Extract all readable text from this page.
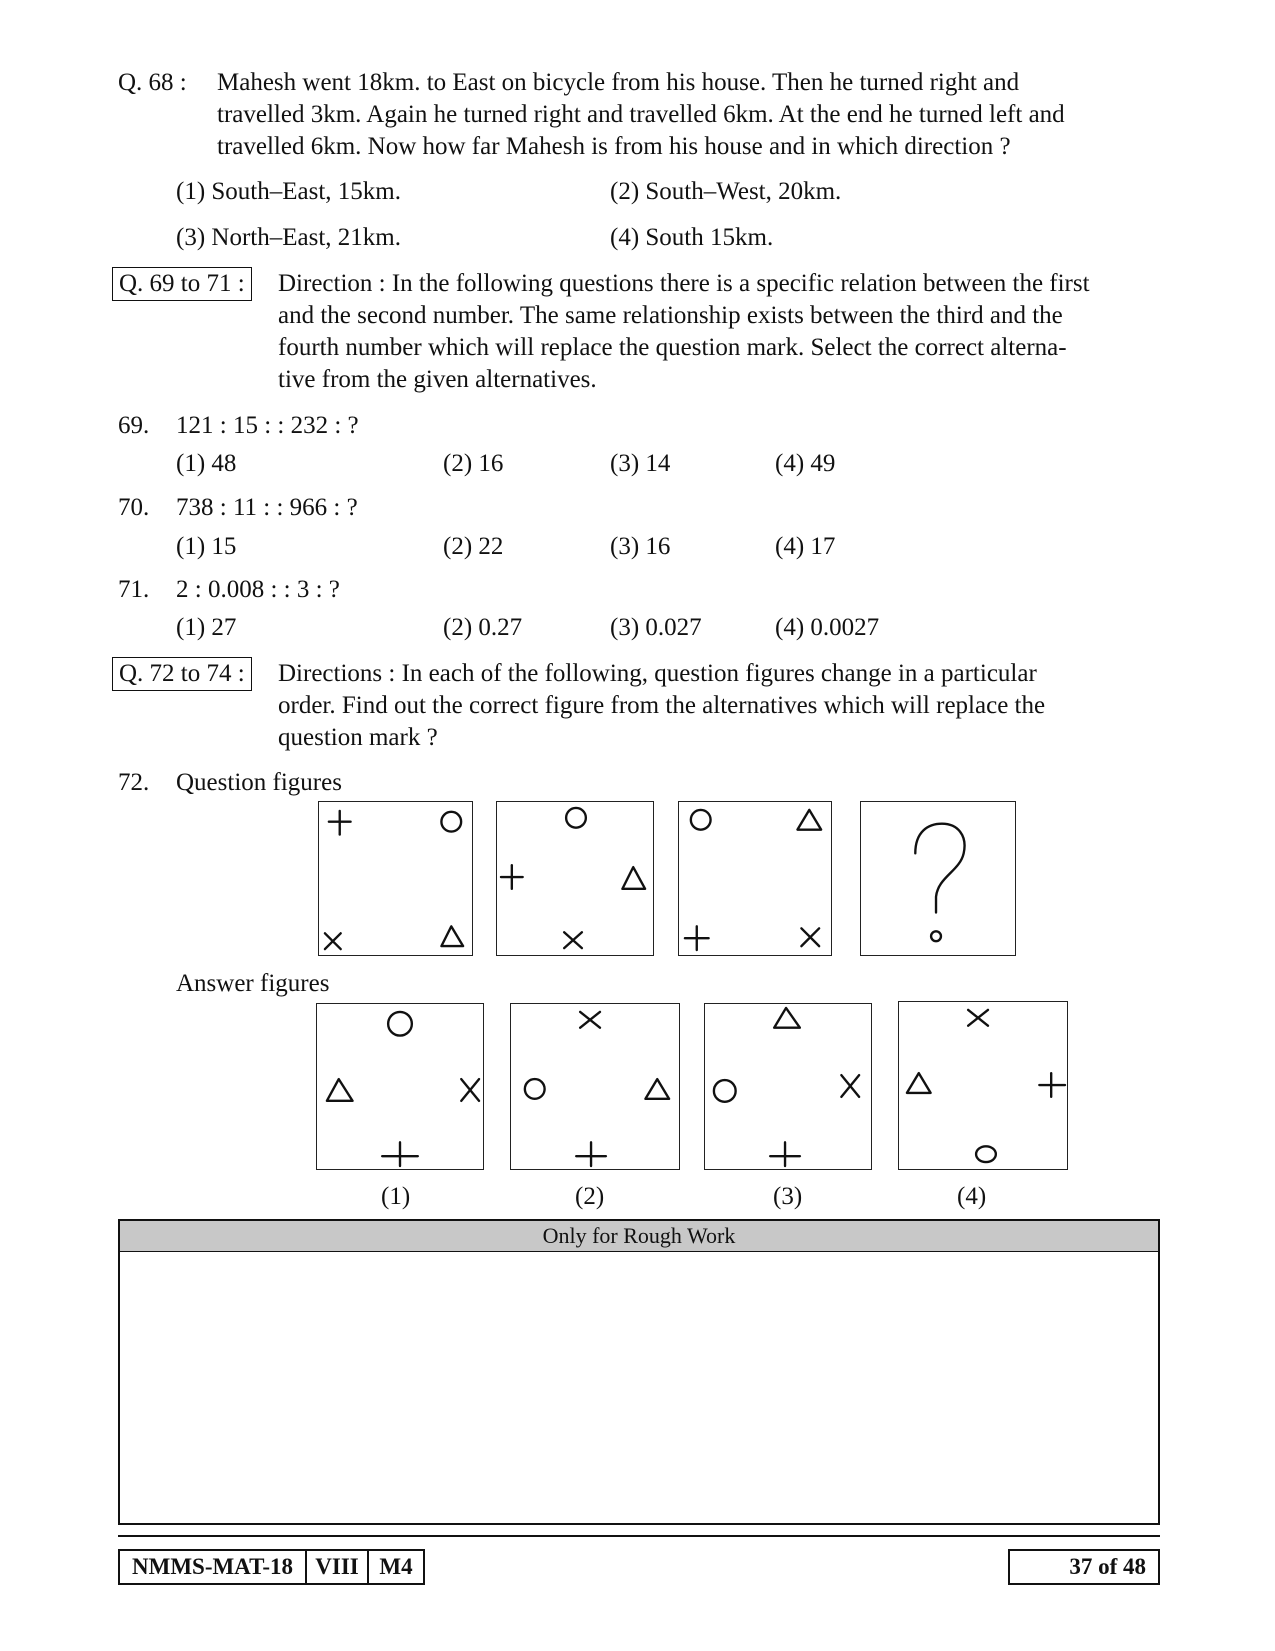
Q. 68 : Mahesh went 18km. to East on bicycle from his house. Then he turned right and
travelled 3km. Again he turned right and travelled 6km. At the end he turned left and
travelled 6km. Now how far Mahesh is from his house and in which direction ?
(1) South–East, 15km.	(2) South–West, 20km.
(3) North–East, 21km.	(4) South 15km.
Q. 69 to 71 : Direction : In the following questions there is a specific relation between the first
and the second number. The same relationship exists between the third and the
fourth number which will replace the question mark. Select the correct alterna-
tive from the given alternatives.
69. 121 : 15 : : 232 : ?
(1) 48	(2) 16	(3) 14	(4) 49
70. 738 : 11 : : 966 : ?
(1) 15	(2) 22	(3) 16	(4) 17
71. 2 : 0.008 : : 3 : ?
(1) 27	(2) 0.27	(3) 0.027	(4) 0.0027
Q. 72 to 74 : Directions : In each of the following, question figures change in a particular
order. Find out the correct figure from the alternatives which will replace the
question mark ?
72. Question figures
Answer figures
(1)	(2)	(3)	(4)
Only for Rough Work
NMMS-MAT-18 VIII M4	37 of 48
